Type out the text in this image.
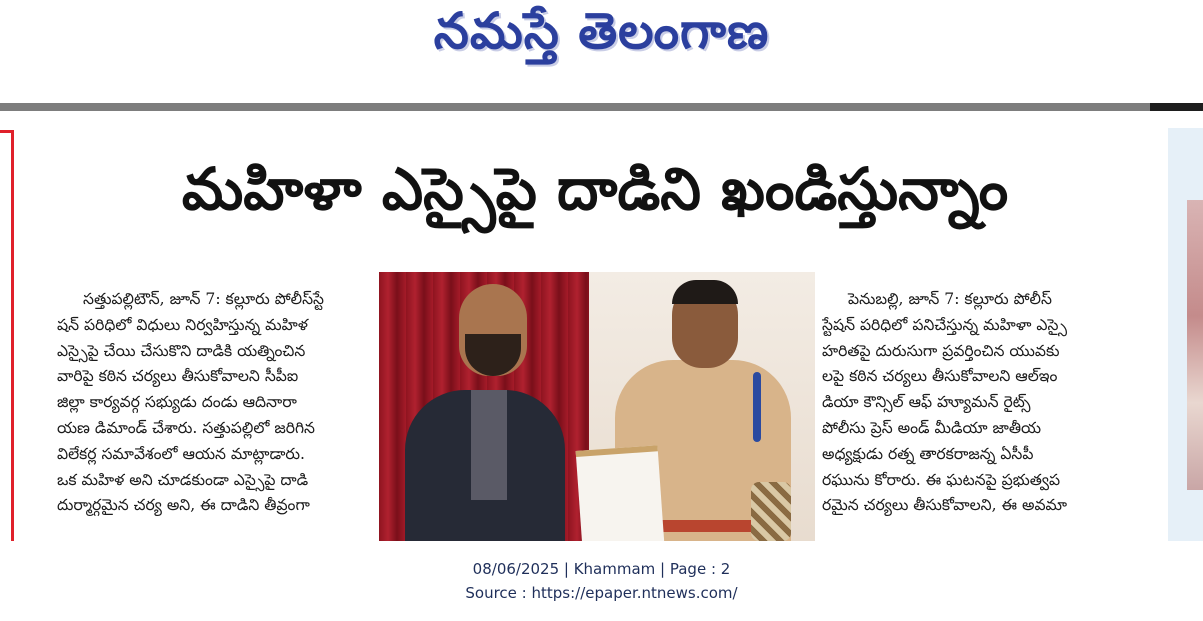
నమస్తే తెలంగాణ
మహిళా ఎస్సైపై దాడిని ఖండిస్తున్నాం
సత్తుపల్లిటౌన్, జూన్ 7: కల్లూరు పోలీస్‌స్టే
షన్ పరిధిలో విధులు నిర్వహిస్తున్న మహిళ
ఎస్సైపై చేయి చేసుకొని దాడికి యత్నించిన
వారిపై కఠిన చర్యలు తీసుకోవాలని సీపీఐ
జిల్లా కార్యవర్గ సభ్యుడు దండు ఆదినారా
యణ డిమాండ్ చేశారు. సత్తుపల్లిలో జరిగిన
విలేకర్ల సమావేశంలో ఆయన మాట్లాడారు.
ఒక మహిళ అని చూడకుండా ఎస్సైపై దాడి
దుర్మార్గమైన చర్య అని, ఈ దాడిని తీవ్రంగా
పెనుబల్లి, జూన్ 7: కల్లూరు పోలీస్
స్టేషన్ పరిధిలో పనిచేస్తున్న మహిళా ఎస్సై
హరితపై దురుసుగా ప్రవర్తించిన యువకు
లపై కఠిన చర్యలు తీసుకోవాలని ఆల్ఇం
డియా కౌన్సిల్ ఆఫ్ హ్యూమన్ రైట్స్
పోలీసు ప్రెస్ అండ్ మీడియా జాతీయ
అధ్యక్షుడు రత్న తారకరాజన్న ఏసీపీ
రఘును కోరారు. ఈ ఘటనపై ప్రభుత్వప
రమైన చర్యలు తీసుకోవాలని, ఈ అవమా
08/06/2025 | Khammam | Page : 2
Source : https://epaper.ntnews.com/
